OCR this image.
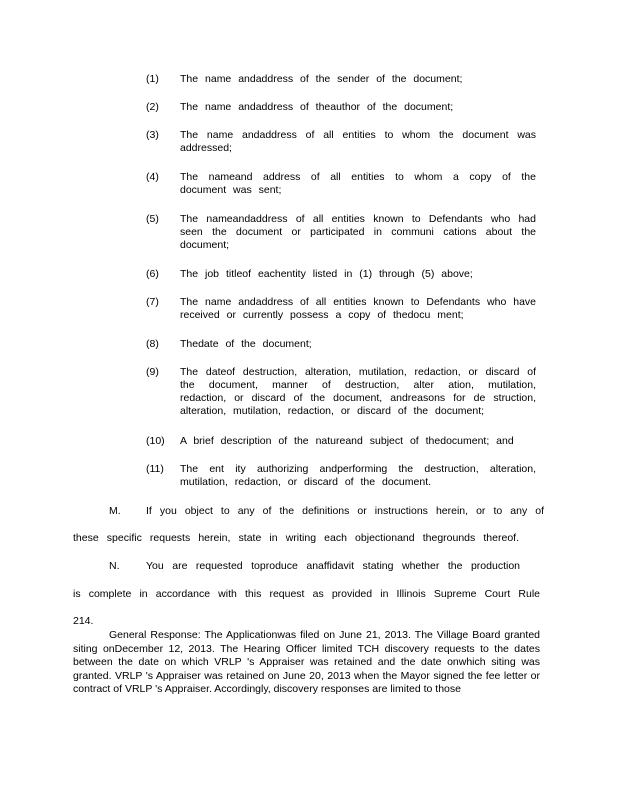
(1)	The name andaddress of the sender of the document;
(2)	The name andaddress of theauthor of the document;
(3)	The name andaddress of all entities to whom the document was addressed;
(4)	The nameand address of all entities to whom a copy of the document was sent;
(5)	The nameandaddress of all entities known to Defendants who had seen the document or participated in communi cations about the document;
(6)	The job titleof eachentity listed in (1) through (5) above;
(7)	The name andaddress of all entities known to Defendants who have received or currently possess a copy of thedocu ment;
(8)	Thedate of the document;
(9)	The dateof destruction, alteration, mutilation, redaction, or discard of the document, manner of destruction, alter ation, mutilation, redaction, or discard of the document, andreasons for de struction, alteration, mutilation, redaction, or discard of the document;
(10)	A brief description of the natureand subject of thedocument; and
(11)	The ent ity authorizing andperforming the destruction, alteration, mutilation, redaction, or discard of the document.
M. If you object to any of the definitions or instructions herein, or to any of
these specific requests herein, state in writing each objectionand thegrounds thereof.
N.	You are requested toproduce anaffidavit stating whether the production
is complete in accordance with this request as provided in Illinois Supreme Court Rule
214.
General Response: The Applicationwas filed on June 21, 2013. The Village Board granted siting onDecember 12, 2013. The Hearing Officer limited TCH discovery requests to the dates between the date on which VRLP 's Appraiser was retained and the date onwhich siting was granted. VRLP 's Appraiser was retained on June 20, 2013 when the Mayor signed the fee letter or contract of VRLP 's Appraiser. Accordingly, discovery responses are limited to those
